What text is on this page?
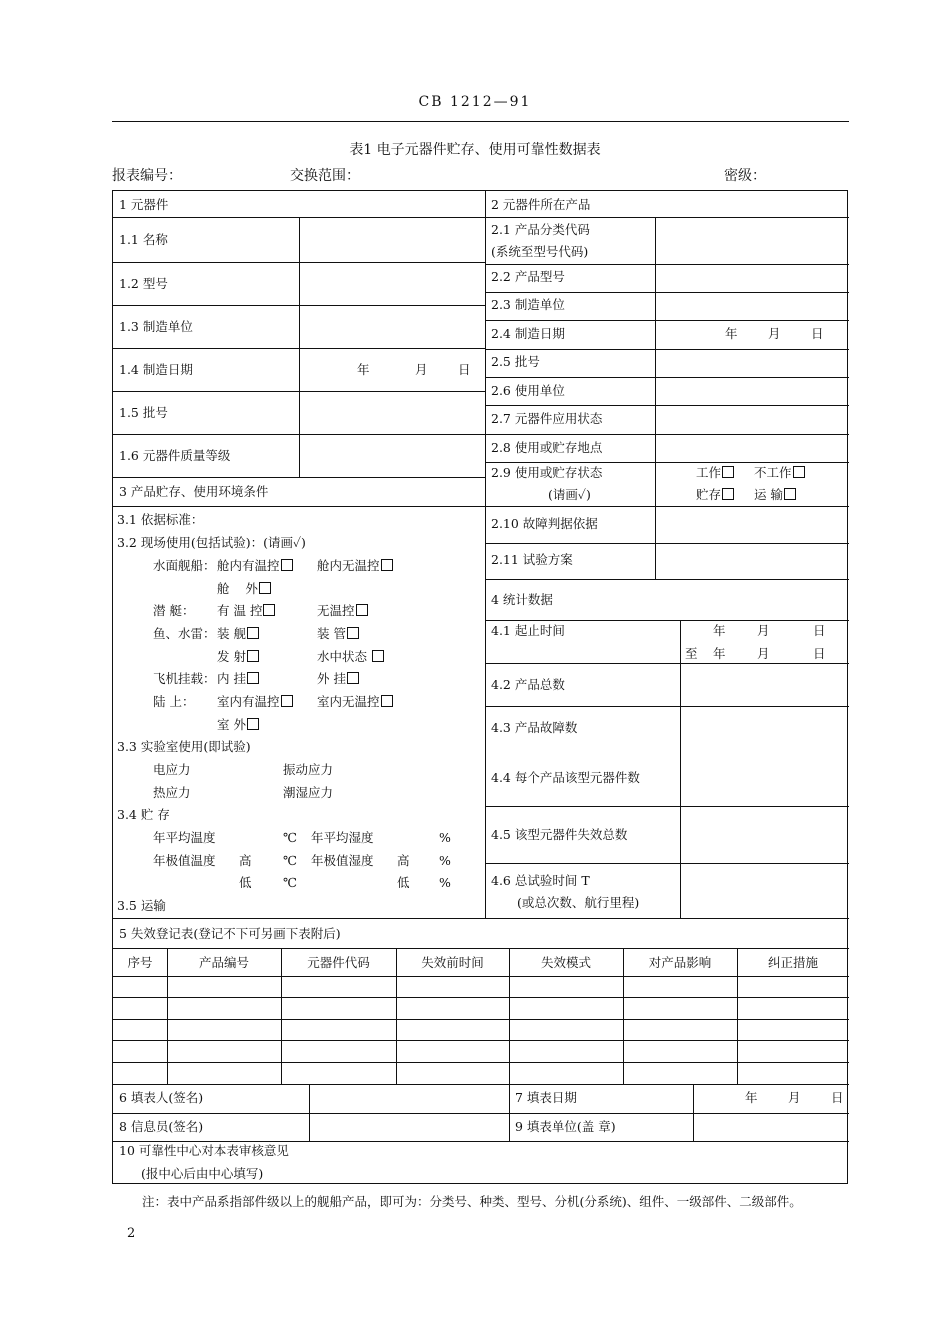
CB 1212—91
表1 电子元器件贮存、使用可靠性数据表
报表编号：	交换范围：	密级：
1 元器件
1.1 名称
1.2 型号
1.3 制造单位
1.4 制造日期	年	月 日
1.5 批号
1.6 元器件质量等级
2 元器件所在产品
2.1 产品分类代码
(系统至型号代码)
2.2 产品型号
2.3 制造单位
2.4 制造日期	年 月 日
2.5 批号
2.6 使用单位
2.7 元器件应用状态
2.8 使用或贮存地点
2.9 使用或贮存状态
(请画✓)
工作	不工作
贮存	运 输
2.10 故障判据依据
2.11 试验方案
4 统计数据
4.1 起止时间	年	月	日
至 年	月	日
4.2 产品总数
4.3 产品故障数
4.4 每个产品该型元器件数
4.5 该型元器件失效总数
4.6 总试验时间 T
(或总次数、航行里程)
3 产品贮存、使用环境条件
3.1 依据标准：
3.2 现场使用(包括试验)：(请画✓)
水面舰船： 舱内有温控	舱内无温控
舱    外
潜 艇： 有 温 控	无温控
鱼、水雷： 装 舰	装 管
发 射	水中状态
飞机挂载： 内 挂	外 挂
陆 上： 室内有温控	室内无温控
室 外
3.3 实验室使用(即试验)
电应力	振动应力
热应力	潮湿应力
3.4 贮 存
年平均温度	℃ 年平均湿度	%
年极值温度 高	℃ 年极值湿度 高 %
低	℃	低 %
3.5 运输
5 失效登记表(登记不下可另画下表附后)
序号	产品编号	元器件代码	失效前时间	失效模式	对产品影响	纠正措施
6 填表人(签名)	7 填表日期	年 月 日
8 信息员(签名)	9 填表单位(盖 章)
10 可靠性中心对本表审核意见
(报中心后由中心填写)
注：表中产品系指部件级以上的舰船产品，即可为：分类号、种类、型号、分机(分系统)、组件、一级部件、二级部件。
2
